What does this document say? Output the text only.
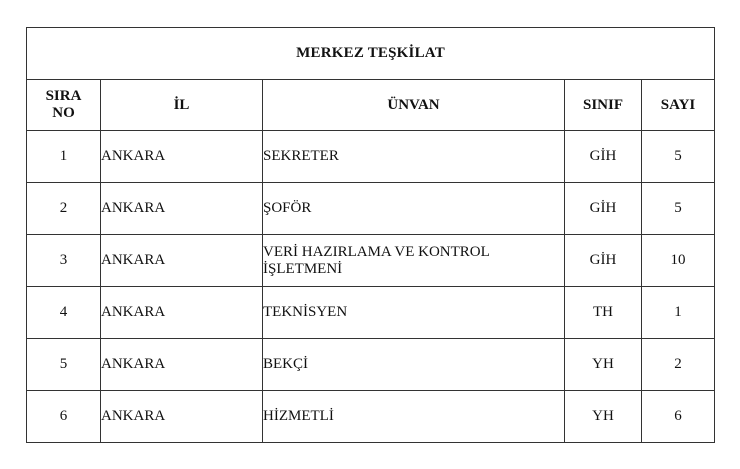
MERKEZ TEŞKİLAT				
SIRA NO	İL	ÜNVAN	SINIF	SAYI
1	ANKARA	SEKRETER	GİH	5
2	ANKARA	ŞOFÖR	GİH	5
3	ANKARA	VERİ HAZIRLAMA VE KONTROL İŞLETMENİ	GİH	10
4	ANKARA	TEKNİSYEN	TH	1
5	ANKARA	BEKÇİ	YH	2
6	ANKARA	HİZMETLİ	YH	6
